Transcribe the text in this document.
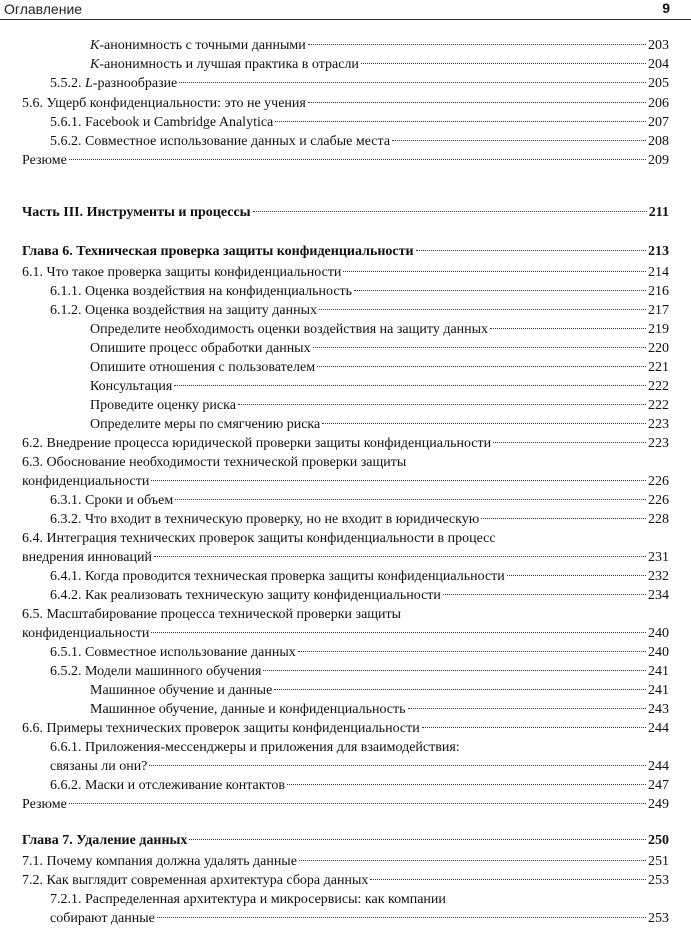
Оглавление	9
K-анонимность с точными данными	203
K-анонимность и лучшая практика в отрасли	204
5.5.2. L-разнообразие	205
5.6. Ущерб конфиденциальности: это не учения	206
5.6.1. Facebook и Cambridge Analytica	207
5.6.2. Совместное использование данных и слабые места	208
Резюме	209
Часть III. Инструменты и процессы	211
Глава 6. Техническая проверка защиты конфиденциальности	213
6.1. Что такое проверка защиты конфиденциальности	214
6.1.1. Оценка воздействия на конфиденциальность	216
6.1.2. Оценка воздействия на защиту данных	217
Определите необходимость оценки воздействия на защиту данных	219
Опишите процесс обработки данных	220
Опишите отношения с пользователем	221
Консультация	222
Проведите оценку риска	222
Определите меры по смягчению риска	223
6.2. Внедрение процесса юридической проверки защиты конфиденциальности	223
6.3. Обоснование необходимости технической проверки защиты
конфиденциальности	226
6.3.1. Сроки и объем	226
6.3.2. Что входит в техническую проверку, но не входит в юридическую	228
6.4. Интеграция технических проверок защиты конфиденциальности в процесс
внедрения инноваций	231
6.4.1. Когда проводится техническая проверка защиты конфиденциальности	232
6.4.2. Как реализовать техническую защиту конфиденциальности	234
6.5. Масштабирование процесса технической проверки защиты
конфиденциальности	240
6.5.1. Совместное использование данных	240
6.5.2. Модели машинного обучения	241
Машинное обучение и данные	241
Машинное обучение, данные и конфиденциальность	243
6.6. Примеры технических проверок защиты конфиденциальности	244
6.6.1. Приложения-мессенджеры и приложения для взаимодействия:
связаны ли они?	244
6.6.2. Маски и отслеживание контактов	247
Резюме	249
Глава 7. Удаление данных	250
7.1. Почему компания должна удалять данные	251
7.2. Как выглядит современная архитектура сбора данных	253
7.2.1. Распределенная архитектура и микросервисы: как компании
собирают данные	253
